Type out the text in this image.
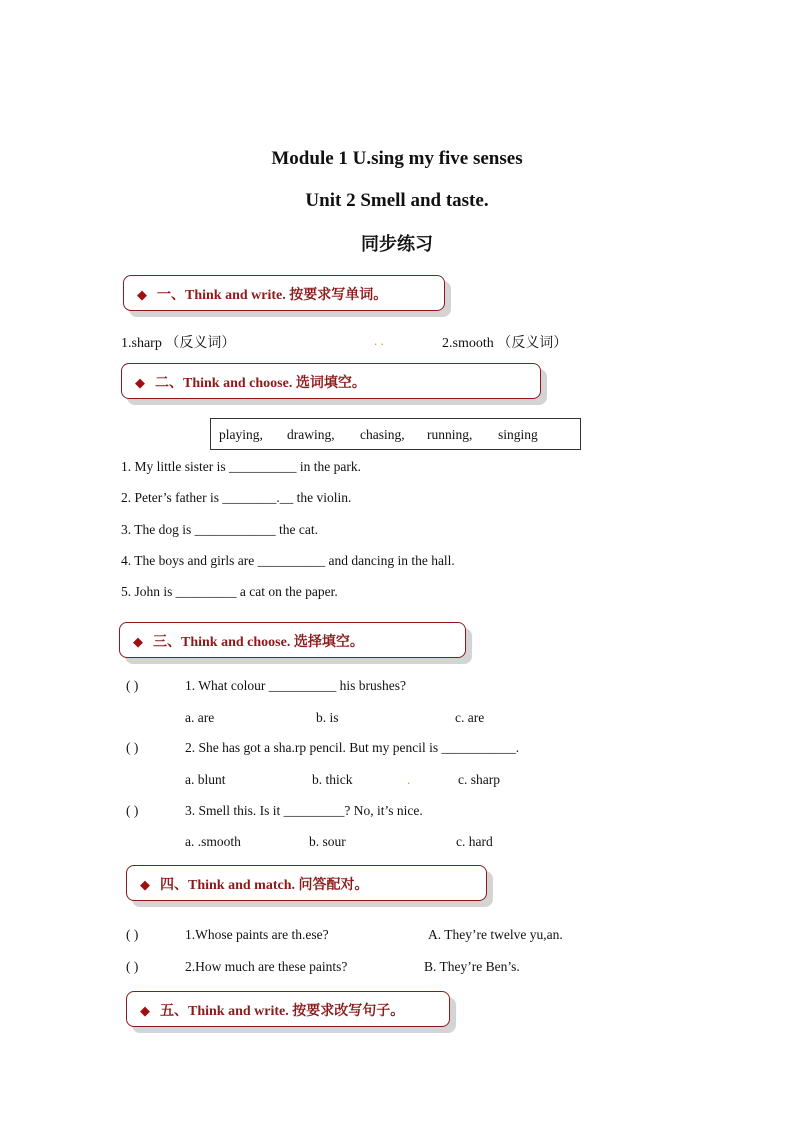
Module 1 U.sing my five senses
Unit 2 Smell and taste.
同步练习
◆ 一、Think and write. 按要求写单词。
1.sharp （反义词）	. .	2.smooth （反义词）
◆ 二、Think and choose. 选词填空。
playing, drawing, chasing, running, singing
1. My little sister is __________ in the park.
2. Peter’s father is ________.__ the violin.
3. The dog is ____________ the cat.
4. The boys and girls are __________ and dancing in the hall.
5. John is _________ a cat on the paper.
◆ 三、Think and choose. 选择填空。
( )	1. What colour __________ his brushes?
a. are	b. is	c. are
( )	2. She has got a sha.rp pencil. But my pencil is ___________.
a. blunt	b. thick	.	c. sharp
( )	3. Smell this. Is it _________? No, it’s nice.
a. .smooth	b. sour	c. hard
◆ 四、Think and match. 问答配对。
( )	1.Whose paints are th.ese?	A. They’re twelve yu,an.
( )	2.How much are these paints?	B. They’re Ben’s.
◆ 五、Think and write. 按要求改写句子。
